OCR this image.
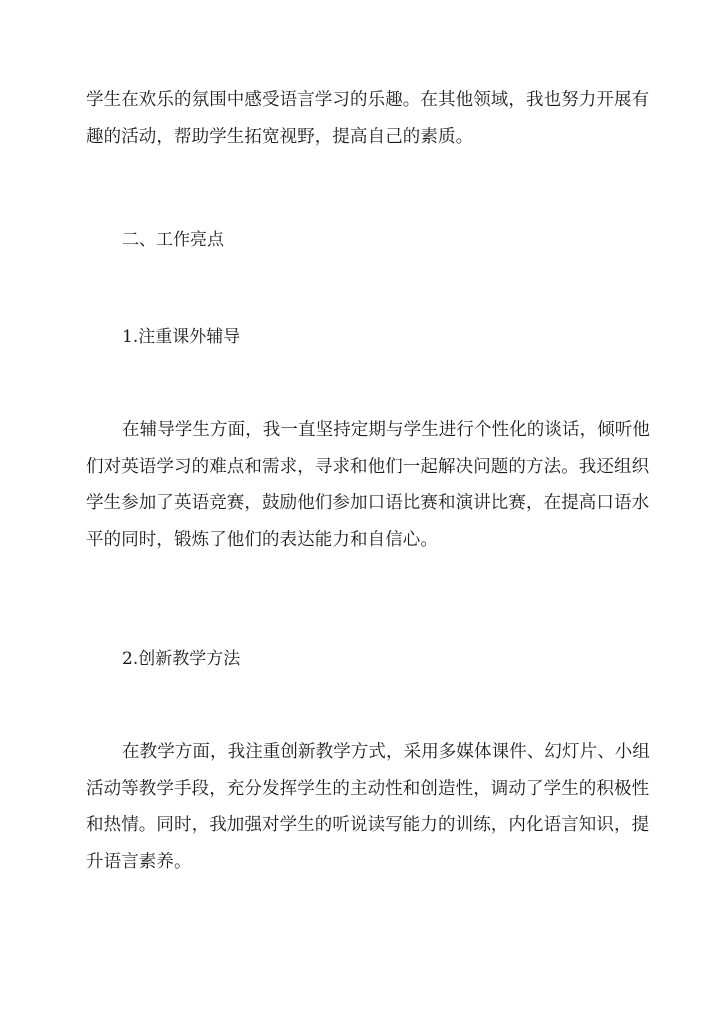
学生在欢乐的氛围中感受语言学习的乐趣。在其他领域，我也努力开展有
趣的活动，帮助学生拓宽视野，提高自己的素质。

二、工作亮点
1.注重课外辅导

在辅导学生方面，我一直坚持定期与学生进行个性化的谈话，倾听他
们对英语学习的难点和需求，寻求和他们一起解决问题的方法。我还组织
学生参加了英语竞赛，鼓励他们参加口语比赛和演讲比赛，在提高口语水
平的同时，锻炼了他们的表达能力和自信心。

2.创新教学方法

在教学方面，我注重创新教学方式，采用多媒体课件、幻灯片、小组
活动等教学手段，充分发挥学生的主动性和创造性，调动了学生的积极性
和热情。同时，我加强对学生的听说读写能力的训练，内化语言知识，提
升语言素养。
